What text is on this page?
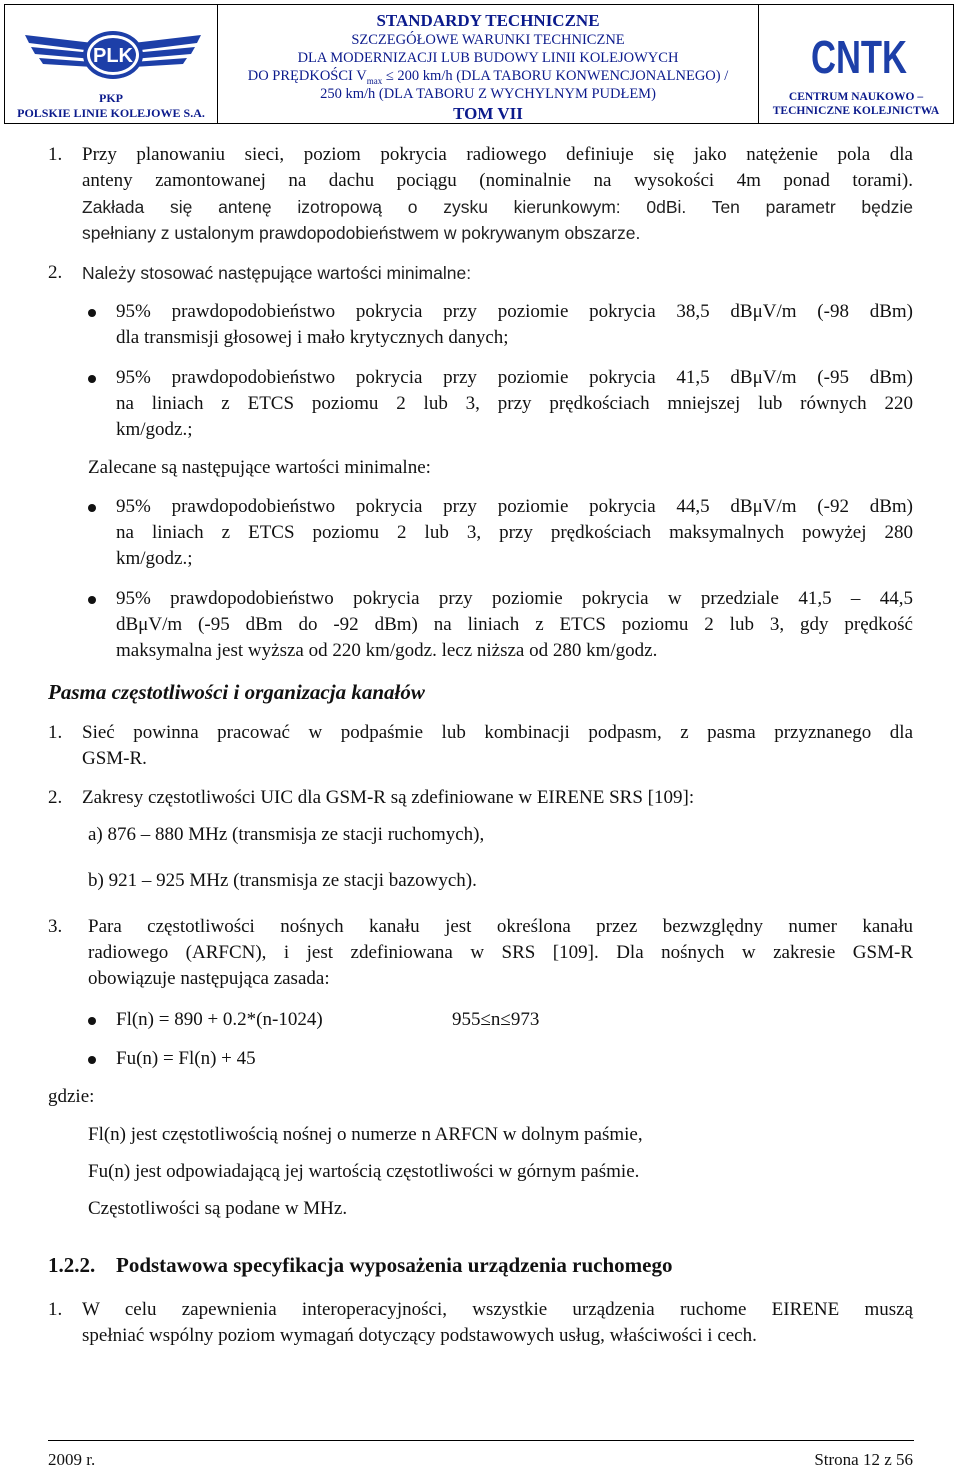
PLK
PKP
POLSKIE LINIE KOLEJOWE S.A.
STANDARDY TECHNICZNE
SZCZEGÓŁOWE WARUNKI TECHNICZNE
DLA MODERNIZACJI LUB BUDOWY LINII KOLEJOWYCH
DO PRĘDKOŚCI $V_{max} \le 200$ km/h (DLA TABORU KONWENCJONALNEGO) /
250 km/h (DLA TABORU Z WYCHYLNYM PUDŁEM)
TOM VII
CNTK
CENTRUM NAUKOWO –
TECHNICZNE KOLEJNICTWA
1. Przy planowaniu sieci, poziom pokrycia radiowego definiuje się jako natężenie pola dla
anteny zamontowanej na dachu pociągu (nominalnie na wysokości 4m ponad torami).
Zakłada się antenę izotropową o zysku kierunkowym: 0dBi. Ten parametr będzie
spełniany z ustalonym prawdopodobieństwem w pokrywanym obszarze.
2. Należy stosować następujące wartości minimalne:
95% prawdopodobieństwo pokrycia przy poziomie pokrycia 38,5 dBμV/m (-98 dBm)
dla transmisji głosowej i mało krytycznych danych;
95% prawdopodobieństwo pokrycia przy poziomie pokrycia 41,5 dBμV/m (-95 dBm)
na liniach z ETCS poziomu 2 lub 3, przy prędkościach mniejszej lub równych 220
km/godz.;
Zalecane są następujące wartości minimalne:
95% prawdopodobieństwo pokrycia przy poziomie pokrycia 44,5 dBμV/m (-92 dBm)
na liniach z ETCS poziomu 2 lub 3, przy prędkościach maksymalnych powyżej 280
km/godz.;
95% prawdopodobieństwo pokrycia przy poziomie pokrycia w przedziale 41,5 – 44,5
dBμV/m (-95 dBm do -92 dBm) na liniach z ETCS poziomu 2 lub 3, gdy prędkość
maksymalna jest wyższa od 220 km/godz. lecz niższa od 280 km/godz.
Pasma częstotliwości i organizacja kanałów
1. Sieć powinna pracować w podpaśmie lub kombinacji podpasm, z pasma przyznanego dla
GSM-R.
2. Zakresy częstotliwości UIC dla GSM-R są zdefiniowane w EIRENE SRS [109]:
a) 876 – 880 MHz (transmisja ze stacji ruchomych),
b) 921 – 925 MHz (transmisja ze stacji bazowych).
3. Para częstotliwości nośnych kanału jest określona przez bezwzględny numer kanału
radiowego (ARFCN), i jest zdefiniowana w SRS [109]. Dla nośnych w zakresie GSM-R
obowiązuje następująca zasada:
Fl(n) = 890 + 0.2*(n-1024)	955≤n≤973
Fu(n) = Fl(n) + 45
gdzie:
Fl(n) jest częstotliwością nośnej o numerze n ARFCN w dolnym paśmie,
Fu(n) jest odpowiadającą jej wartością częstotliwości w górnym paśmie.
Częstotliwości są podane w MHz.
1.2.2. Podstawowa specyfikacja wyposażenia urządzenia ruchomego
1. W celu zapewnienia interoperacyjności, wszystkie urządzenia ruchome EIRENE muszą
spełniać wspólny poziom wymagań dotyczący podstawowych usług, właściwości i cech.
2009 r.	Strona 12 z 56
